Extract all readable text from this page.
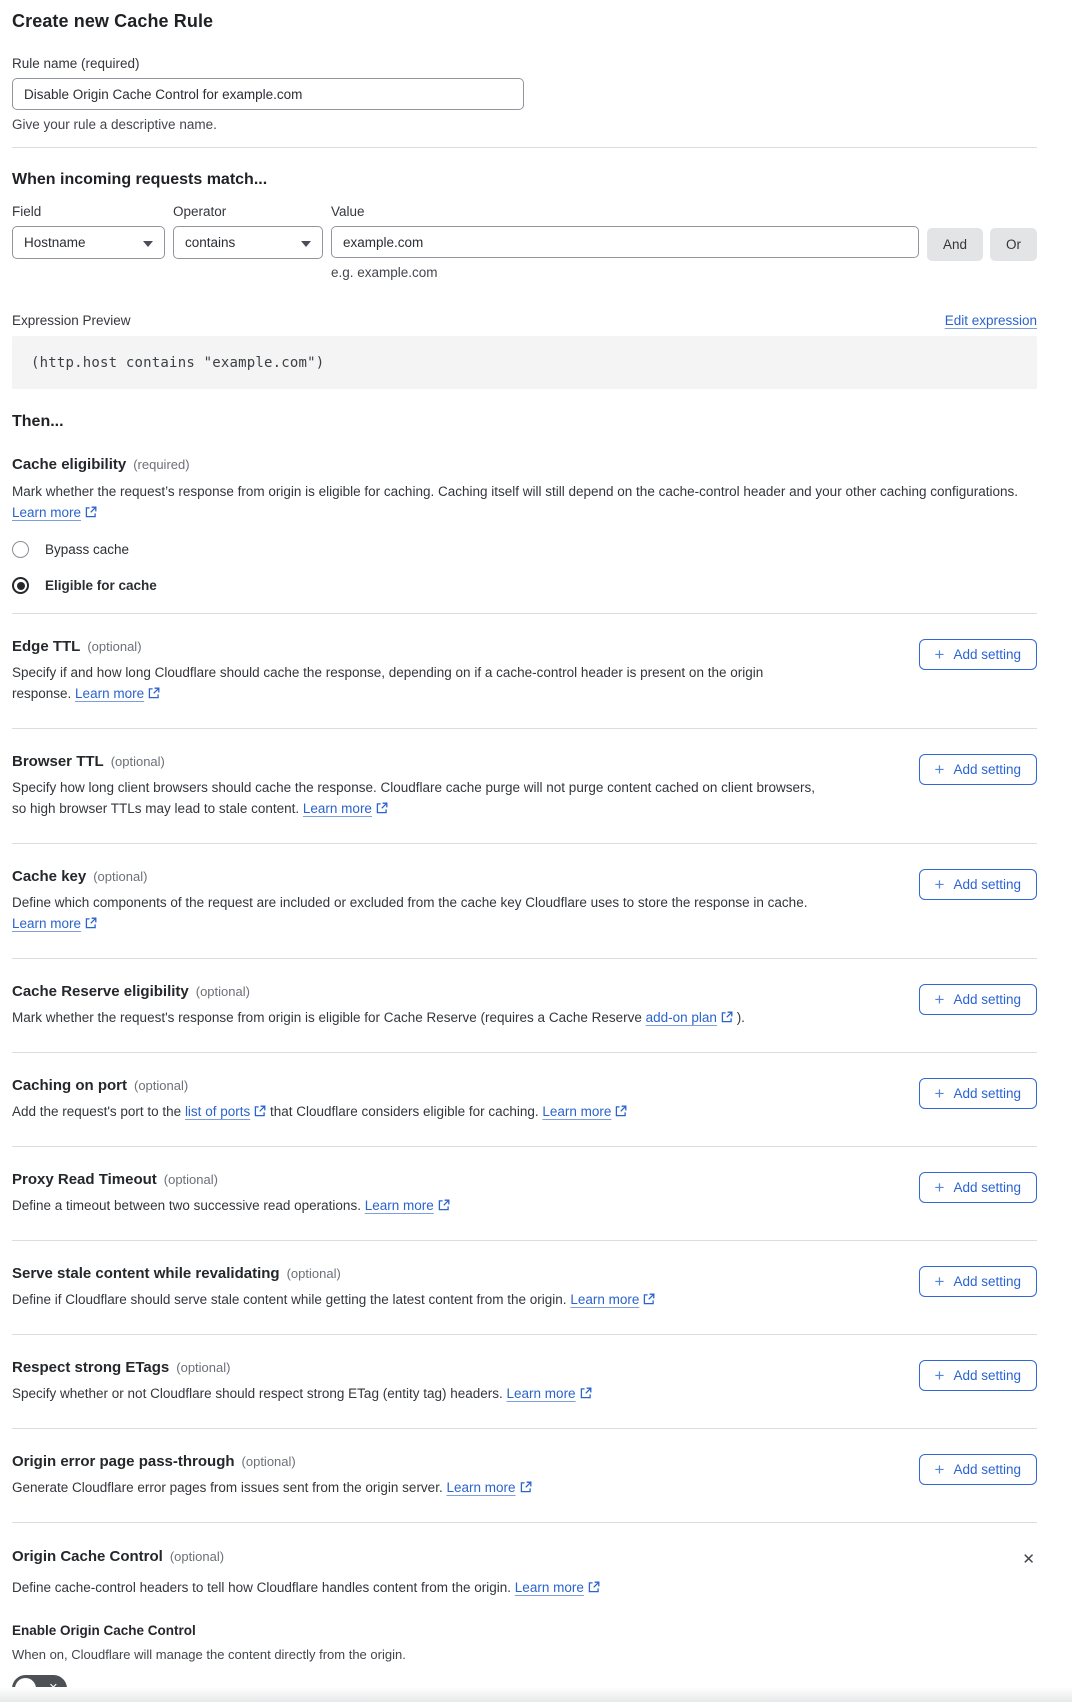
Create new Cache Rule
Rule name (required)
Disable Origin Cache Control for example.com
Give your rule a descriptive name.
When incoming requests match...
Field
Hostname
Operator
contains
Value
example.com
e.g. example.com
And	Or
Expression Preview	Edit expression
(http.host contains "example.com")
Then...
Cache eligibility (required)
Mark whether the request’s response from origin is eligible for caching. Caching itself will still depend on the cache-control header and your other caching configurations. Learn more
Bypass cache
Eligible for cache
Edge TTL (optional)
Specify if and how long Cloudflare should cache the response, depending on if a cache-control header is present on the origin response. Learn more
+ Add setting
Browser TTL (optional)
Specify how long client browsers should cache the response. Cloudflare cache purge will not purge content cached on client browsers, so high browser TTLs may lead to stale content. Learn more
+ Add setting
Cache key (optional)
Define which components of the request are included or excluded from the cache key Cloudflare uses to store the response in cache. Learn more
+ Add setting
Cache Reserve eligibility (optional)
Mark whether the request's response from origin is eligible for Cache Reserve (requires a Cache Reserve add-on plan ).
+ Add setting
Caching on port (optional)
Add the request's port to the list of ports that Cloudflare considers eligible for caching. Learn more
+ Add setting
Proxy Read Timeout (optional)
Define a timeout between two successive read operations. Learn more
+ Add setting
Serve stale content while revalidating (optional)
Define if Cloudflare should serve stale content while getting the latest content from the origin. Learn more
+ Add setting
Respect strong ETags (optional)
Specify whether or not Cloudflare should respect strong ETag (entity tag) headers. Learn more
+ Add setting
Origin error page pass-through (optional)
Generate Cloudflare error pages from issues sent from the origin server. Learn more
+ Add setting
Origin Cache Control (optional)	✕
Define cache-control headers to tell how Cloudflare handles content from the origin. Learn more
Enable Origin Cache Control
When on, Cloudflare will manage the content directly from the origin.
